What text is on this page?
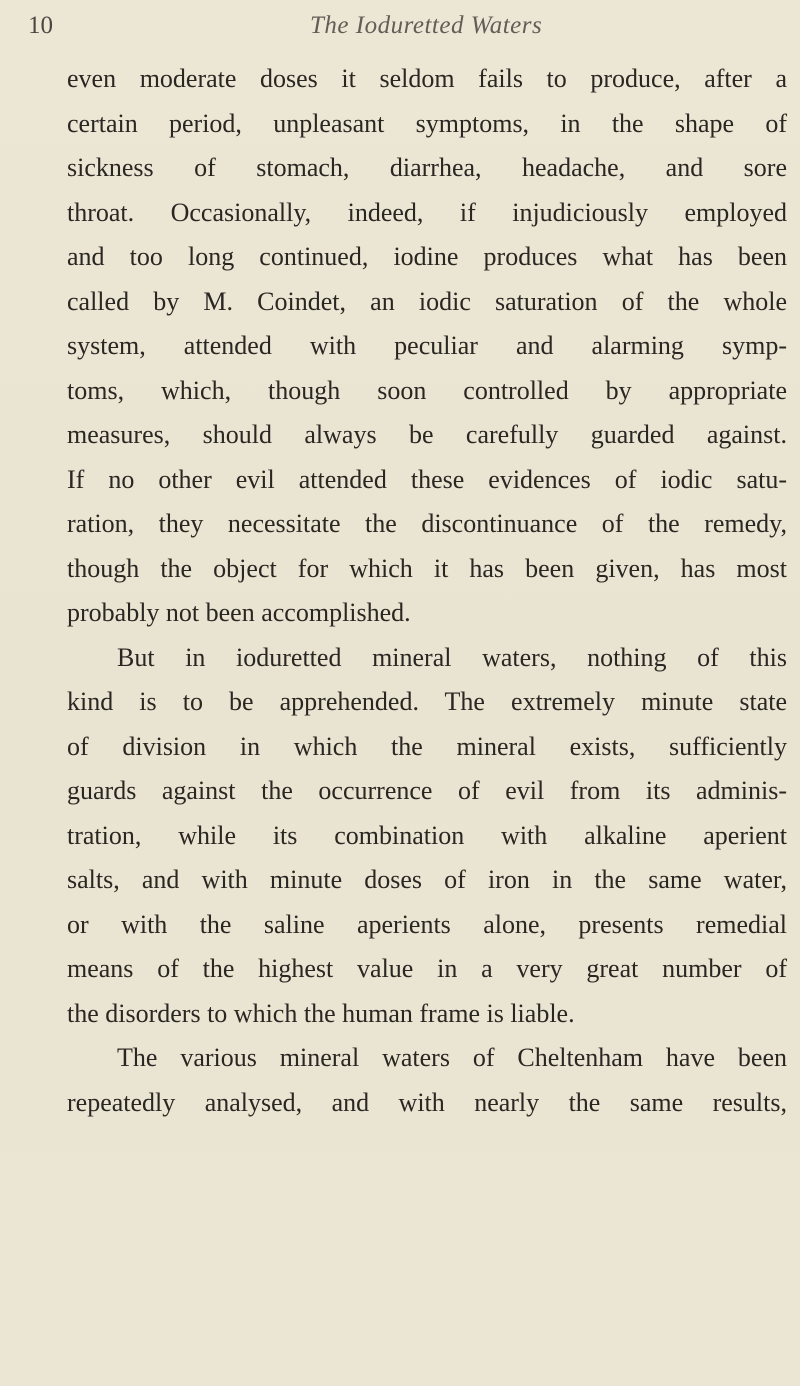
10	The Ioduretted Waters
even moderate doses it seldom fails to produce, after a
certain period, unpleasant symptoms, in the shape of
sickness of stomach, diarrhea, headache, and sore
throat. Occasionally, indeed, if injudiciously employed
and too long continued, iodine produces what has been
called by M. Coindet, an iodic saturation of the whole
system, attended with peculiar and alarming symp-
toms, which, though soon controlled by appropriate
measures, should always be carefully guarded against.
If no other evil attended these evidences of iodic satu-
ration, they necessitate the discontinuance of the remedy,
though the object for which it has been given, has most
probably not been accomplished.
But in ioduretted mineral waters, nothing of this
kind is to be apprehended. The extremely minute state
of division in which the mineral exists, sufficiently
guards against the occurrence of evil from its adminis-
tration, while its combination with alkaline aperient
salts, and with minute doses of iron in the same water,
or with the saline aperients alone, presents remedial
means of the highest value in a very great number of
the disorders to which the human frame is liable.
The various mineral waters of Cheltenham have been
repeatedly analysed, and with nearly the same results,
